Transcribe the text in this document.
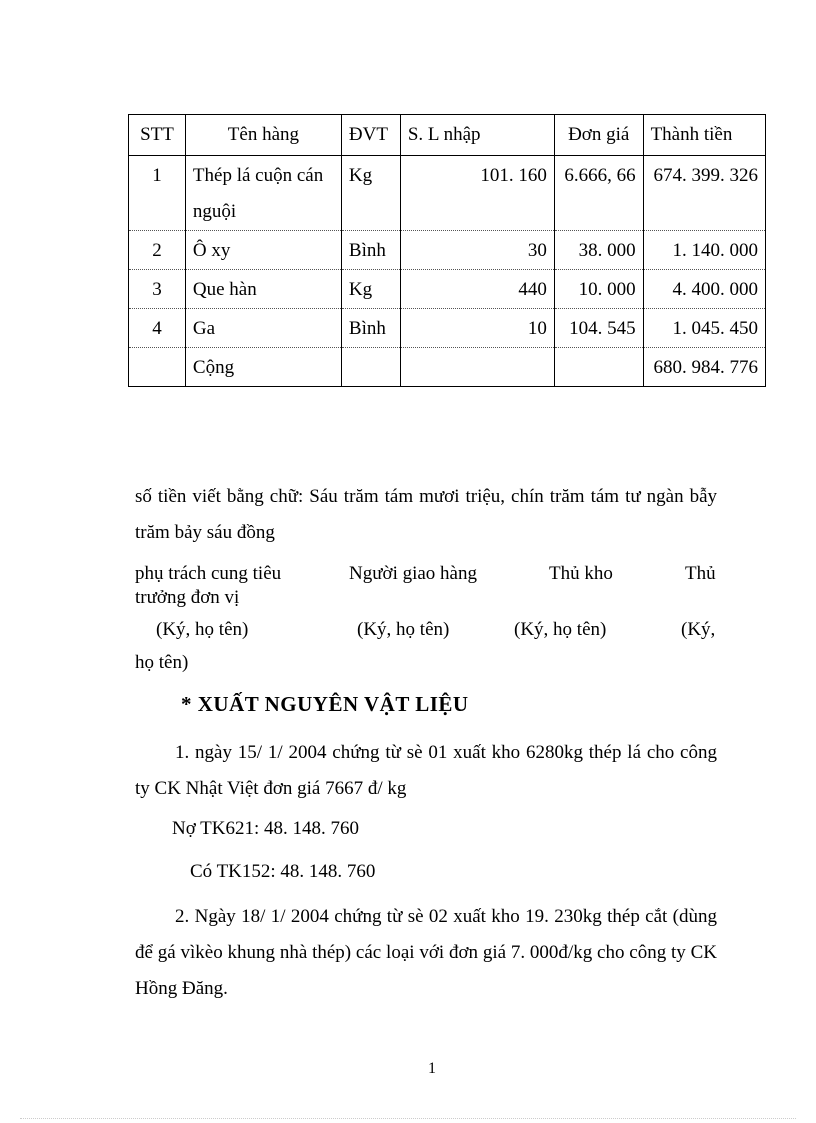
STT	Tên hàng	ĐVT	S. L nhập	Đơn giá	Thành tiền
1	Thép lá cuộn cán nguội	Kg	101. 160	6.666, 66	674. 399. 326
2	Ô xy	Bình	30	38. 000	1. 140. 000
3	Que hàn	Kg	440	10. 000	4. 400. 000
4	Ga	Bình	10	104. 545	1. 045. 450
	Cộng				680. 984. 776
số tiền viết bằng chữ: Sáu trăm tám mươi triệu, chín trăm tám tư ngàn bẫy trăm bảy sáu đồng
phụ trách cung tiêu
trưởng đơn vị
Người giao hàng	Thủ kho	Thủ
(Ký, họ tên)	(Ký, họ tên)	(Ký, họ tên)	(Ký,
họ tên)
* XUẤT NGUYÊN VẬT LIỆU
1. ngày 15/ 1/ 2004 chứng từ sè 01 xuất kho 6280kg thép lá cho công ty CK Nhật Việt đơn giá 7667 đ/ kg
Nợ TK621: 48. 148. 760
Có TK152: 48. 148. 760
2. Ngày 18/ 1/ 2004 chứng từ sè 02 xuất kho 19. 230kg thép cắt (dùng để gá vìkèo khung nhà thép) các loại với đơn giá 7. 000đ/kg cho công ty CK Hồng Đăng.
1
